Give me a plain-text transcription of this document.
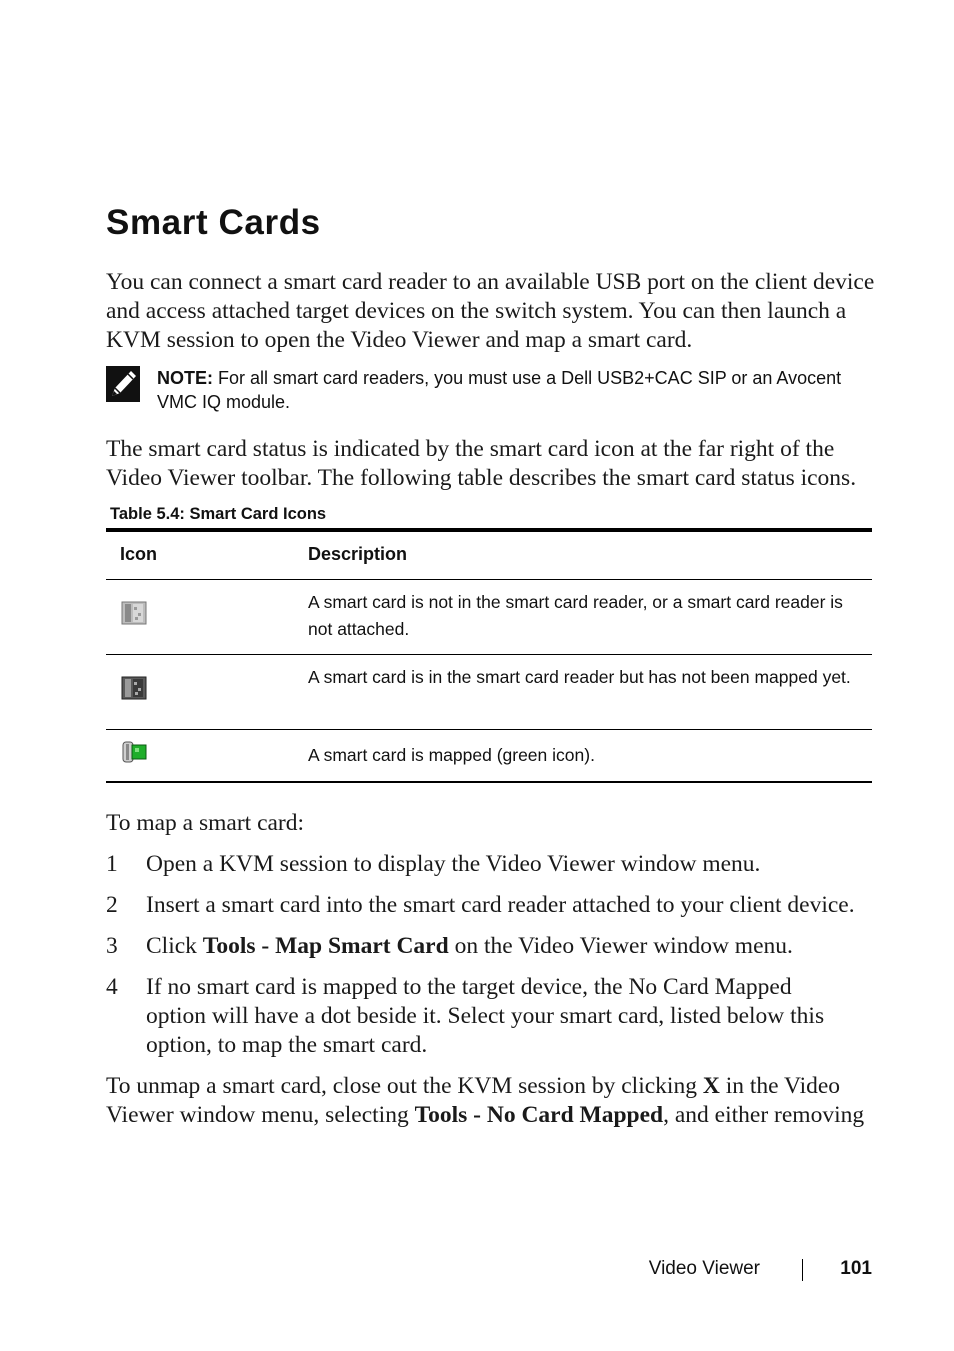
Smart Cards

You can connect a smart card reader to an available USB port on the client device and access attached target devices on the switch system. You can then launch a KVM session to open the Video Viewer and map a smart card.

NOTE: For all smart card readers, you must use a Dell USB2+CAC SIP or an Avocent VMC IQ module.

The smart card status is indicated by the smart card icon at the far right of the Video Viewer toolbar. The following table describes the smart card status icons.

Table 5.4: Smart Card Icons
Icon	Description
A smart card is not in the smart card reader, or a smart card reader is not attached.
A smart card is in the smart card reader but has not been mapped yet.
A smart card is mapped (green icon).

To map a smart card:

1 Open a KVM session to display the Video Viewer window menu.
2 Insert a smart card into the smart card reader attached to your client device.
3 Click Tools - Map Smart Card on the Video Viewer window menu.
4 If no smart card is mapped to the target device, the No Card Mapped option will have a dot beside it. Select your smart card, listed below this option, to map the smart card.

To unmap a smart card, close out the KVM session by clicking X in the Video Viewer window menu, selecting Tools - No Card Mapped, and either removing

Video Viewer	101
